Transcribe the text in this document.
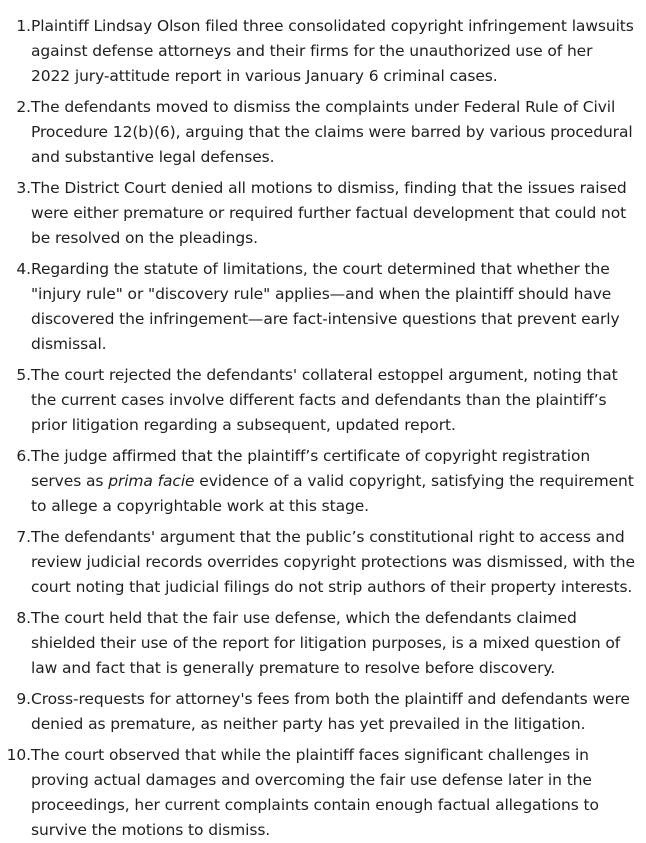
1. Plaintiff Lindsay Olson filed three consolidated copyright infringement lawsuits against defense attorneys and their firms for the unauthorized use of her 2022 jury-attitude report in various January 6 criminal cases.
2. The defendants moved to dismiss the complaints under Federal Rule of Civil Procedure 12(b)(6), arguing that the claims were barred by various procedural and substantive legal defenses.
3. The District Court denied all motions to dismiss, finding that the issues raised were either premature or required further factual development that could not be resolved on the pleadings.
4. Regarding the statute of limitations, the court determined that whether the "injury rule" or "discovery rule" applies—and when the plaintiff should have discovered the infringement—are fact-intensive questions that prevent early dismissal.
5. The court rejected the defendants' collateral estoppel argument, noting that the current cases involve different facts and defendants than the plaintiff’s prior litigation regarding a subsequent, updated report.
6. The judge affirmed that the plaintiff’s certificate of copyright registration serves as prima facie evidence of a valid copyright, satisfying the requirement to allege a copyrightable work at this stage.
7. The defendants' argument that the public’s constitutional right to access and review judicial records overrides copyright protections was dismissed, with the court noting that judicial filings do not strip authors of their property interests.
8. The court held that the fair use defense, which the defendants claimed shielded their use of the report for litigation purposes, is a mixed question of law and fact that is generally premature to resolve before discovery.
9. Cross-requests for attorney's fees from both the plaintiff and defendants were denied as premature, as neither party has yet prevailed in the litigation.
10. The court observed that while the plaintiff faces significant challenges in proving actual damages and overcoming the fair use defense later in the proceedings, her current complaints contain enough factual allegations to survive the motions to dismiss.
